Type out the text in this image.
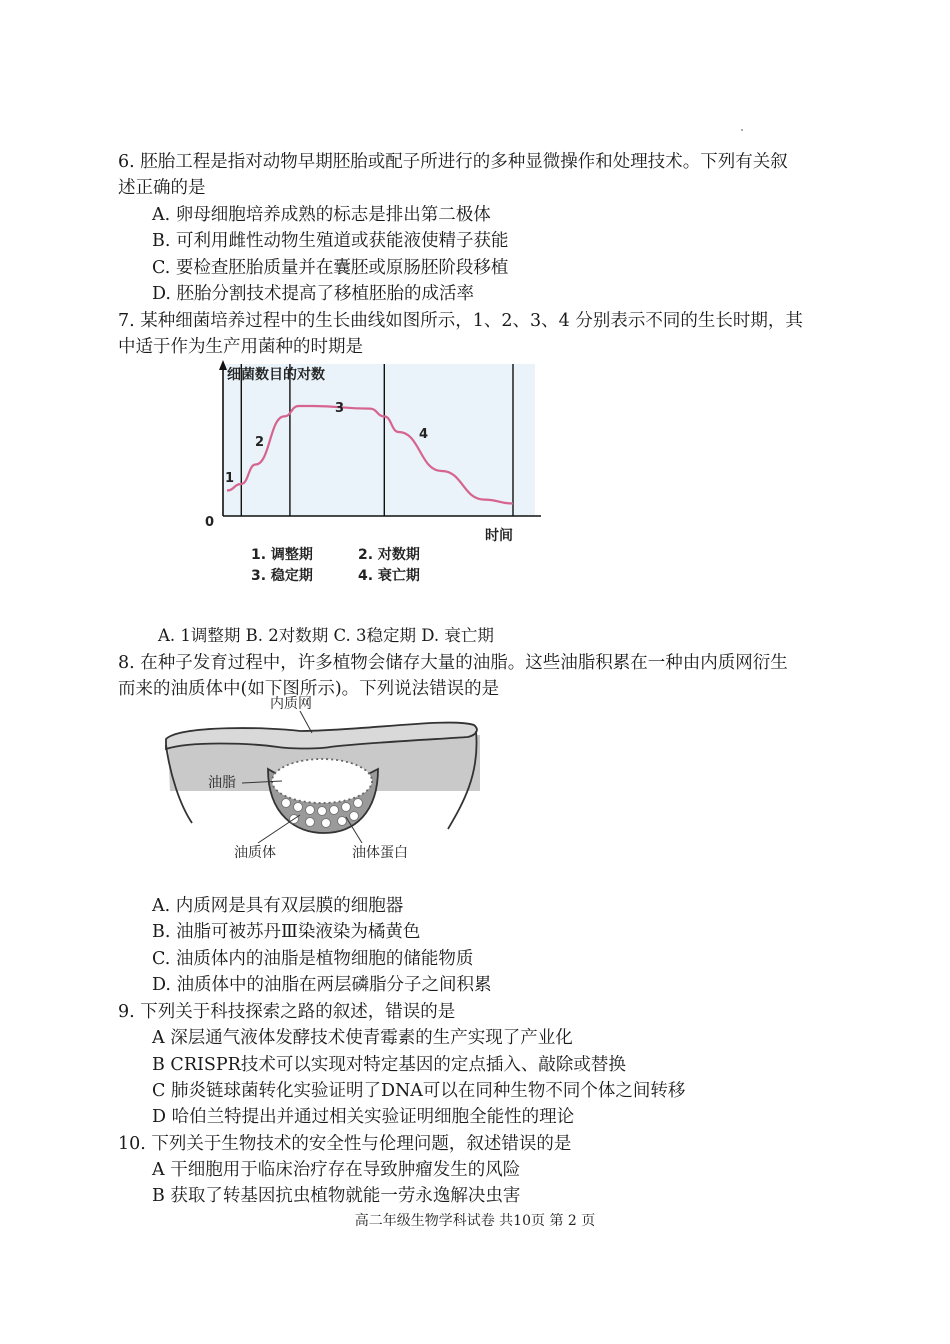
6. 胚胎工程是指对动物早期胚胎或配子所进行的多种显微操作和处理技术。下列有关叙
述正确的是
A. 卵母细胞培养成熟的标志是排出第二极体
B. 可利用雌性动物生殖道或获能液使精子获能
C. 要检查胚胎质量并在囊胚或原肠胚阶段移植
D. 胚胎分割技术提高了移植胚胎的成活率
7. 某种细菌培养过程中的生长曲线如图所示，1、2、3、4 分别表示不同的生长时期，其
中适于作为生产用菌种的时期是
1
2
3
4
细菌数目的对数
0
时间
1. 调整期	2. 对数期
3. 稳定期	4. 衰亡期
A. 1调整期 B. 2对数期 C. 3稳定期 D. 衰亡期
8. 在种子发育过程中，许多植物会储存大量的油脂。这些油脂积累在一种由内质网衍生
而来的油质体中(如下图所示)。下列说法错误的是
内质网
油脂
油质体	油体蛋白
A. 内质网是具有双层膜的细胞器
B. 油脂可被苏丹Ⅲ染液染为橘黄色
C. 油质体内的油脂是植物细胞的储能物质
D. 油质体中的油脂在两层磷脂分子之间积累
9. 下列关于科技探索之路的叙述，错误的是
A 深层通气液体发酵技术使青霉素的生产实现了产业化
B CRISPR技术可以实现对特定基因的定点插入、敲除或替换
C 肺炎链球菌转化实验证明了DNA可以在同种生物不同个体之间转移
D 哈伯兰特提出并通过相关实验证明细胞全能性的理论
10. 下列关于生物技术的安全性与伦理问题，叙述错误的是
A 干细胞用于临床治疗存在导致肿瘤发生的风险
B 获取了转基因抗虫植物就能一劳永逸解决虫害
高二年级生物学科试卷 共10页 第 2 页
